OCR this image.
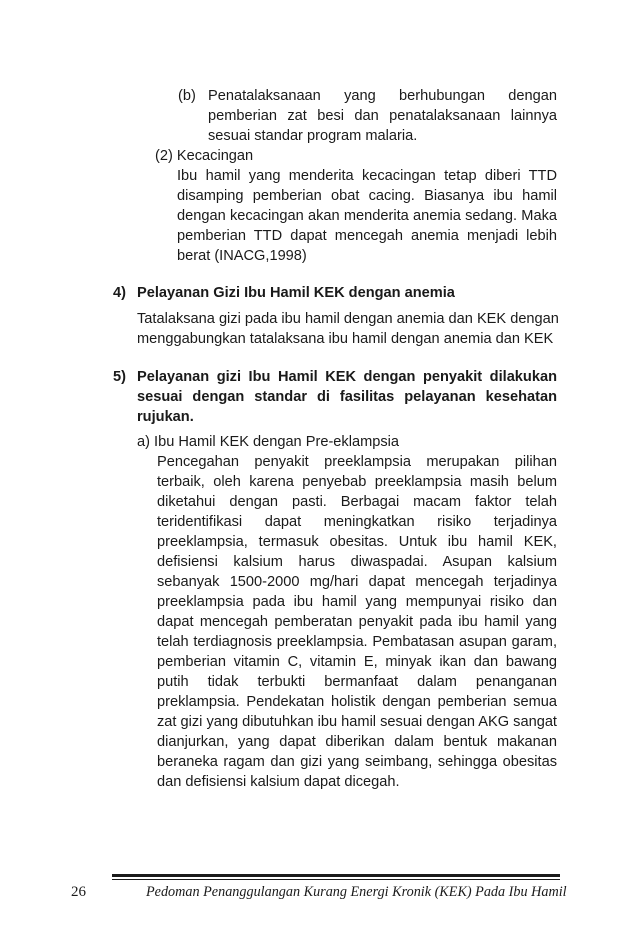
(b) Penatalaksanaan yang berhubungan dengan
pemberian zat besi dan penatalaksanaan lainnya
sesuai standar program malaria.
(2) Kecacingan
Ibu hamil yang menderita kecacingan tetap diberi TTD
disamping pemberian obat cacing. Biasanya ibu hamil
dengan kecacingan akan menderita anemia sedang. Maka
pemberian TTD dapat mencegah anemia menjadi lebih
berat (INACG,1998)
4) Pelayanan Gizi Ibu Hamil KEK dengan anemia
Tatalaksana gizi pada ibu hamil dengan anemia dan KEK dengan
menggabungkan tatalaksana ibu hamil dengan anemia dan KEK
5) Pelayanan gizi Ibu Hamil KEK dengan penyakit dilakukan
sesuai dengan standar di fasilitas pelayanan kesehatan
rujukan.
a) Ibu Hamil KEK dengan Pre-eklampsia
Pencegahan penyakit preeklampsia merupakan pilihan
terbaik, oleh karena penyebab preeklampsia masih belum
diketahui dengan pasti. Berbagai macam faktor telah
teridentifikasi dapat meningkatkan risiko terjadinya
preeklampsia, termasuk obesitas. Untuk ibu hamil KEK,
defisiensi kalsium harus diwaspadai. Asupan kalsium
sebanyak 1500-2000 mg/hari dapat mencegah terjadinya
preeklampsia pada ibu hamil yang mempunyai risiko dan
dapat mencegah pemberatan penyakit pada ibu hamil yang
telah terdiagnosis preeklampsia. Pembatasan asupan garam,
pemberian vitamin C, vitamin E, minyak ikan dan bawang
putih tidak terbukti bermanfaat dalam penanganan
preklampsia. Pendekatan holistik dengan pemberian semua
zat gizi yang dibutuhkan ibu hamil sesuai dengan AKG sangat
dianjurkan, yang dapat diberikan dalam bentuk makanan
beraneka ragam dan gizi yang seimbang, sehingga obesitas
dan defisiensi kalsium dapat dicegah.
26	Pedoman Penanggulangan Kurang Energi Kronik (KEK) Pada Ibu Hamil
